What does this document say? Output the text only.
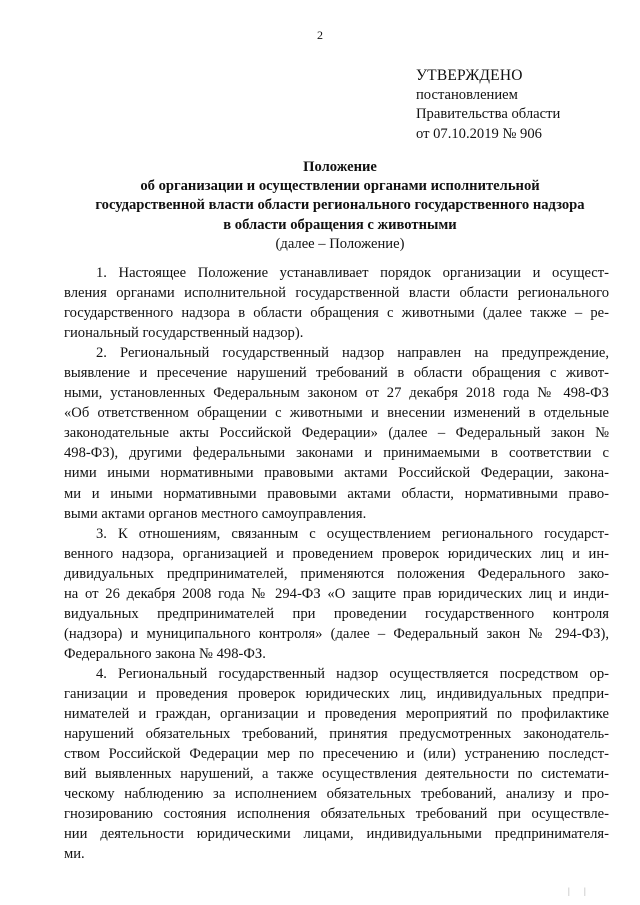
2
УТВЕРЖДЕНО
постановлением
Правительства области
от 07.10.2019 № 906
Положение
об организации и осуществлении органами исполнительной
государственной власти области регионального государственного надзора
в области обращения с животными
(далее – Положение)
1. Настоящее Положение устанавливает порядок организации и осущест-
вления органами исполнительной государственной власти области регионального
государственного надзора в области обращения с животными (далее также – ре-
гиональный государственный надзор).
2. Региональный государственный надзор направлен на предупреждение,
выявление и пресечение нарушений требований в области обращения с живот-
ными, установленных Федеральным законом от 27 декабря 2018 года № 498-ФЗ
«Об ответственном обращении с животными и внесении изменений в отдельные
законодательные акты Российской Федерации» (далее – Федеральный закон №
498-ФЗ), другими федеральными законами и принимаемыми в соответствии с
ними иными нормативными правовыми актами Российской Федерации, закона-
ми и иными нормативными правовыми актами области, нормативными право-
выми актами органов местного самоуправления.
3. К отношениям, связанным с осуществлением регионального государст-
венного надзора, организацией и проведением проверок юридических лиц и ин-
дивидуальных предпринимателей, применяются положения Федерального зако-
на от 26 декабря 2008 года № 294-ФЗ «О защите прав юридических лиц и инди-
видуальных предпринимателей при проведении государственного контроля
(надзора) и муниципального контроля» (далее – Федеральный закон № 294-ФЗ),
Федерального закона № 498-ФЗ.
4. Региональный государственный надзор осуществляется посредством ор-
ганизации и проведения проверок юридических лиц, индивидуальных предпри-
нимателей и граждан, организации и проведения мероприятий по профилактике
нарушений обязательных требований, принятия предусмотренных законодатель-
ством Российской Федерации мер по пресечению и (или) устранению последст-
вий выявленных нарушений, а также осуществления деятельности по системати-
ческому наблюдению за исполнением обязательных требований, анализу и про-
гнозированию состояния исполнения обязательных требований при осуществле-
нии деятельности юридическими лицами, индивидуальными предпринимателя-
ми.
| |
